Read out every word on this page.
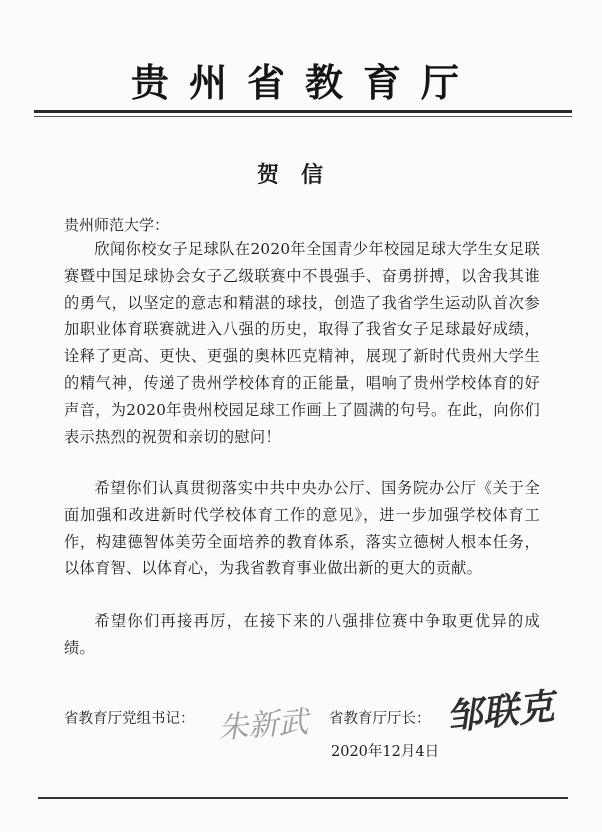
贵州省教育厅
贺信
贵州师范大学：

欣闻你校女子足球队在2020年全国青少年校园足球大学生女足联赛暨中国足球协会女子乙级联赛中不畏强手、奋勇拼搏，以舍我其谁的勇气，以坚定的意志和精湛的球技，创造了我省学生运动队首次参加职业体育联赛就进入八强的历史，取得了我省女子足球最好成绩，诠释了更高、更快、更强的奥林匹克精神，展现了新时代贵州大学生的精气神，传递了贵州学校体育的正能量，唱响了贵州学校体育的好声音，为2020年贵州校园足球工作画上了圆满的句号。在此，向你们表示热烈的祝贺和亲切的慰问！

希望你们认真贯彻落实中共中央办公厅、国务院办公厅《关于全面加强和改进新时代学校体育工作的意见》，进一步加强学校体育工作，构建德智体美劳全面培养的教育体系，落实立德树人根本任务，以体育智、以体育心，为我省教育事业做出新的更大的贡献。

希望你们再接再厉，在接下来的八强排位赛中争取更优异的成绩。

省教育厅党组书记： 朱新武 省教育厅厅长： 邹联克
2020年12月4日
